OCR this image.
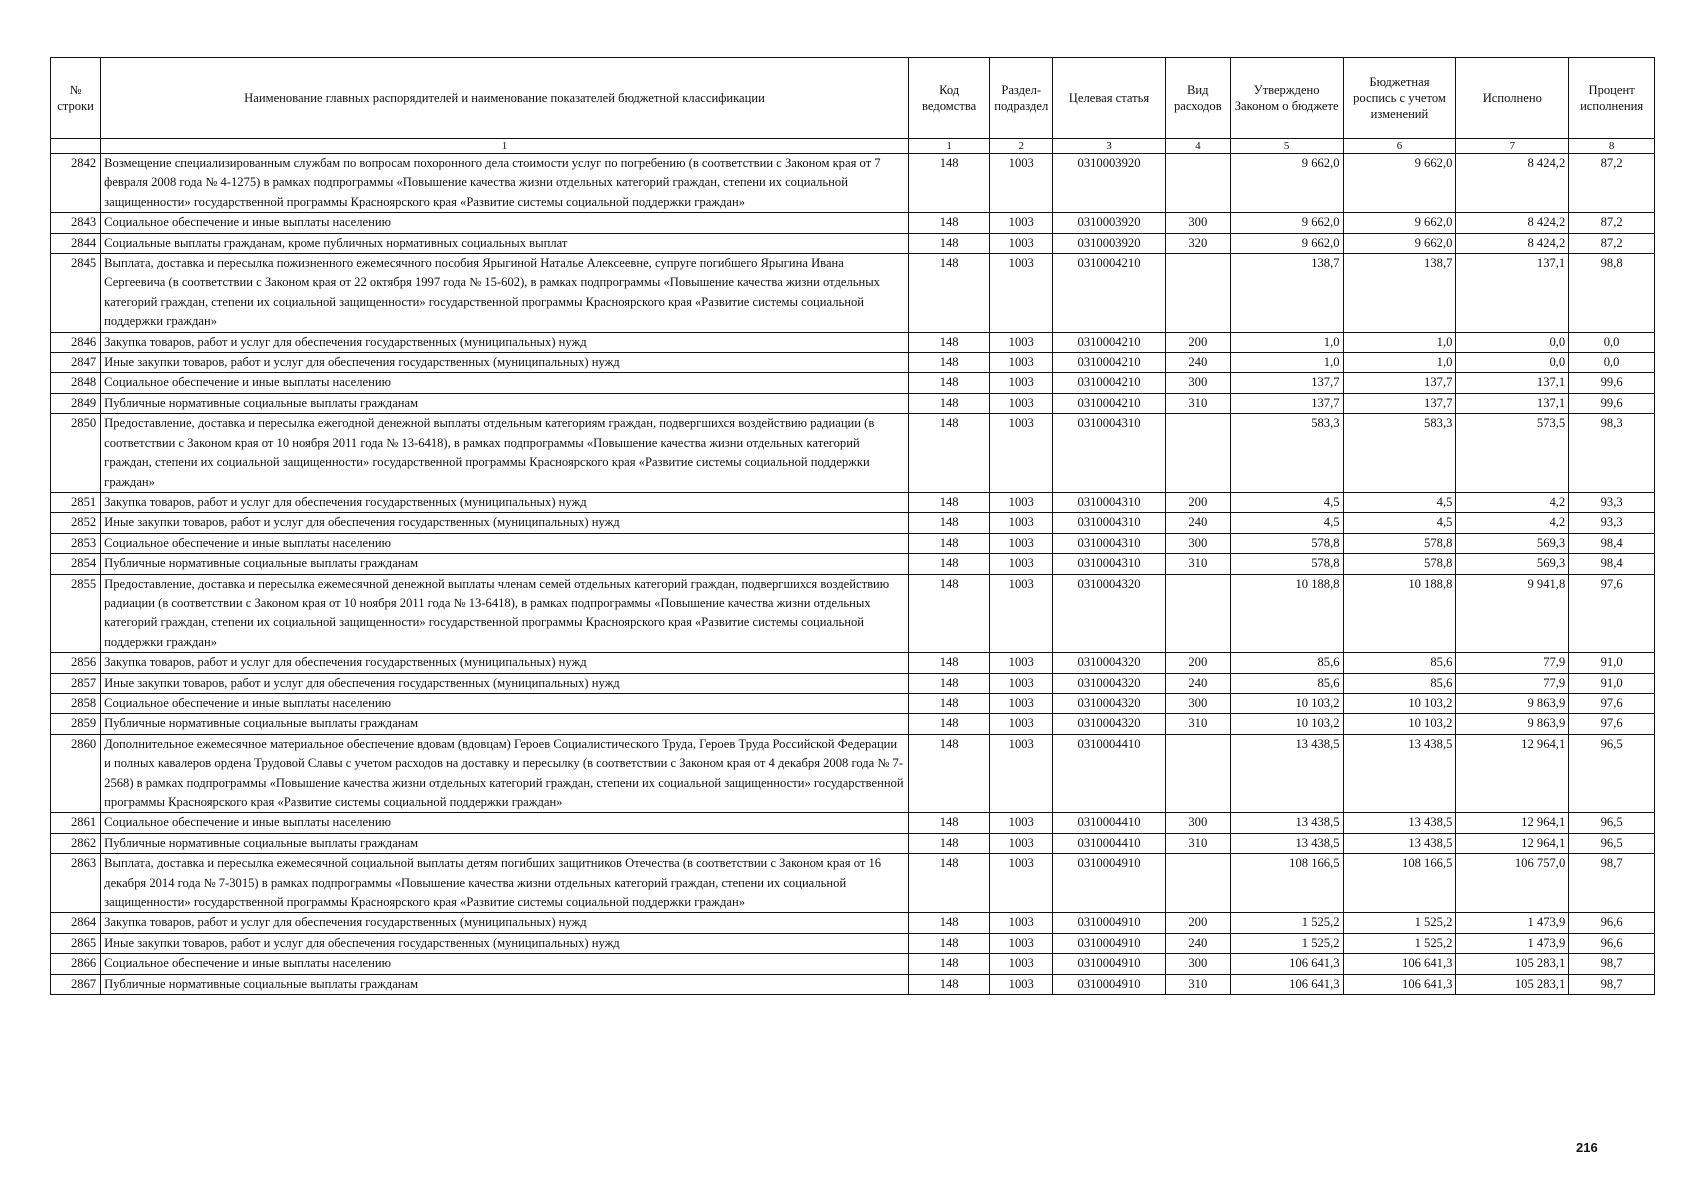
№ строки	Наименование главных распорядителей и наименование показателей бюджетной классификации	Код ведомства	Раздел-подраздел	Целевая статья	Вид расходов	Утверждено Законом о бюджете	Бюджетная роспись с учетом изменений	Исполнено	Процент исполнения
	1	1	2	3	4	5	6	7	8
2842	Возмещение специализированным службам по вопросам похоронного дела стоимости услуг по погребению (в соответствии с Законом края от 7 февраля 2008 года № 4-1275) в рамках подпрограммы «Повышение качества жизни отдельных категорий граждан, степени их социальной защищенности» государственной программы Красноярского края «Развитие системы социальной поддержки граждан»	148	1003	0310003920		9 662,0	9 662,0	8 424,2	87,2
2843	Социальное обеспечение и иные выплаты населению	148	1003	0310003920	300	9 662,0	9 662,0	8 424,2	87,2
2844	Социальные выплаты гражданам, кроме публичных нормативных социальных выплат	148	1003	0310003920	320	9 662,0	9 662,0	8 424,2	87,2
2845	Выплата, доставка и пересылка пожизненного ежемесячного пособия Ярыгиной Наталье Алексеевне, супруге погибшего Ярыгина Ивана Сергеевича (в соответствии с Законом края от 22 октября 1997 года № 15-602), в рамках подпрограммы «Повышение качества жизни отдельных категорий граждан, степени их социальной защищенности» государственной программы Красноярского края «Развитие системы социальной поддержки граждан»	148	1003	0310004210		138,7	138,7	137,1	98,8
2846	Закупка товаров, работ и услуг для обеспечения государственных (муниципальных) нужд	148	1003	0310004210	200	1,0	1,0	0,0	0,0
2847	Иные закупки товаров, работ и услуг для обеспечения государственных (муниципальных) нужд	148	1003	0310004210	240	1,0	1,0	0,0	0,0
2848	Социальное обеспечение и иные выплаты населению	148	1003	0310004210	300	137,7	137,7	137,1	99,6
2849	Публичные нормативные социальные выплаты гражданам	148	1003	0310004210	310	137,7	137,7	137,1	99,6
2850	Предоставление, доставка и пересылка ежегодной денежной выплаты отдельным категориям граждан, подвергшихся воздействию радиации (в соответствии с Законом края от 10 ноября 2011 года № 13-6418), в рамках подпрограммы «Повышение качества жизни отдельных категорий граждан, степени их социальной защищенности» государственной программы Красноярского края «Развитие системы социальной поддержки граждан»	148	1003	0310004310		583,3	583,3	573,5	98,3
2851	Закупка товаров, работ и услуг для обеспечения государственных (муниципальных) нужд	148	1003	0310004310	200	4,5	4,5	4,2	93,3
2852	Иные закупки товаров, работ и услуг для обеспечения государственных (муниципальных) нужд	148	1003	0310004310	240	4,5	4,5	4,2	93,3
2853	Социальное обеспечение и иные выплаты населению	148	1003	0310004310	300	578,8	578,8	569,3	98,4
2854	Публичные нормативные социальные выплаты гражданам	148	1003	0310004310	310	578,8	578,8	569,3	98,4
2855	Предоставление, доставка и пересылка ежемесячной денежной выплаты членам семей отдельных категорий граждан, подвергшихся воздействию радиации (в соответствии с Законом края от 10 ноября 2011 года № 13-6418), в рамках подпрограммы «Повышение качества жизни отдельных категорий граждан, степени их социальной защищенности» государственной программы Красноярского края «Развитие системы социальной поддержки граждан»	148	1003	0310004320		10 188,8	10 188,8	9 941,8	97,6
2856	Закупка товаров, работ и услуг для обеспечения государственных (муниципальных) нужд	148	1003	0310004320	200	85,6	85,6	77,9	91,0
2857	Иные закупки товаров, работ и услуг для обеспечения государственных (муниципальных) нужд	148	1003	0310004320	240	85,6	85,6	77,9	91,0
2858	Социальное обеспечение и иные выплаты населению	148	1003	0310004320	300	10 103,2	10 103,2	9 863,9	97,6
2859	Публичные нормативные социальные выплаты гражданам	148	1003	0310004320	310	10 103,2	10 103,2	9 863,9	97,6
2860	Дополнительное ежемесячное материальное обеспечение вдовам (вдовцам) Героев Социалистического Труда, Героев Труда Российской Федерации и полных кавалеров ордена Трудовой Славы с учетом расходов на доставку и пересылку (в соответствии с Законом края от 4 декабря 2008 года № 7-2568) в рамках подпрограммы «Повышение качества жизни отдельных категорий граждан, степени их социальной защищенности» государственной программы Красноярского края «Развитие системы социальной поддержки граждан»	148	1003	0310004410		13 438,5	13 438,5	12 964,1	96,5
2861	Социальное обеспечение и иные выплаты населению	148	1003	0310004410	300	13 438,5	13 438,5	12 964,1	96,5
2862	Публичные нормативные социальные выплаты гражданам	148	1003	0310004410	310	13 438,5	13 438,5	12 964,1	96,5
2863	Выплата, доставка и пересылка ежемесячной социальной выплаты детям погибших защитников Отечества (в соответствии с Законом края от 16 декабря 2014 года № 7-3015) в рамках подпрограммы «Повышение качества жизни отдельных категорий граждан, степени их социальной защищенности» государственной программы Красноярского края «Развитие системы социальной поддержки граждан»	148	1003	0310004910		108 166,5	108 166,5	106 757,0	98,7
2864	Закупка товаров, работ и услуг для обеспечения государственных (муниципальных) нужд	148	1003	0310004910	200	1 525,2	1 525,2	1 473,9	96,6
2865	Иные закупки товаров, работ и услуг для обеспечения государственных (муниципальных) нужд	148	1003	0310004910	240	1 525,2	1 525,2	1 473,9	96,6
2866	Социальное обеспечение и иные выплаты населению	148	1003	0310004910	300	106 641,3	106 641,3	105 283,1	98,7
2867	Публичные нормативные социальные выплаты гражданам	148	1003	0310004910	310	106 641,3	106 641,3	105 283,1	98,7
216
